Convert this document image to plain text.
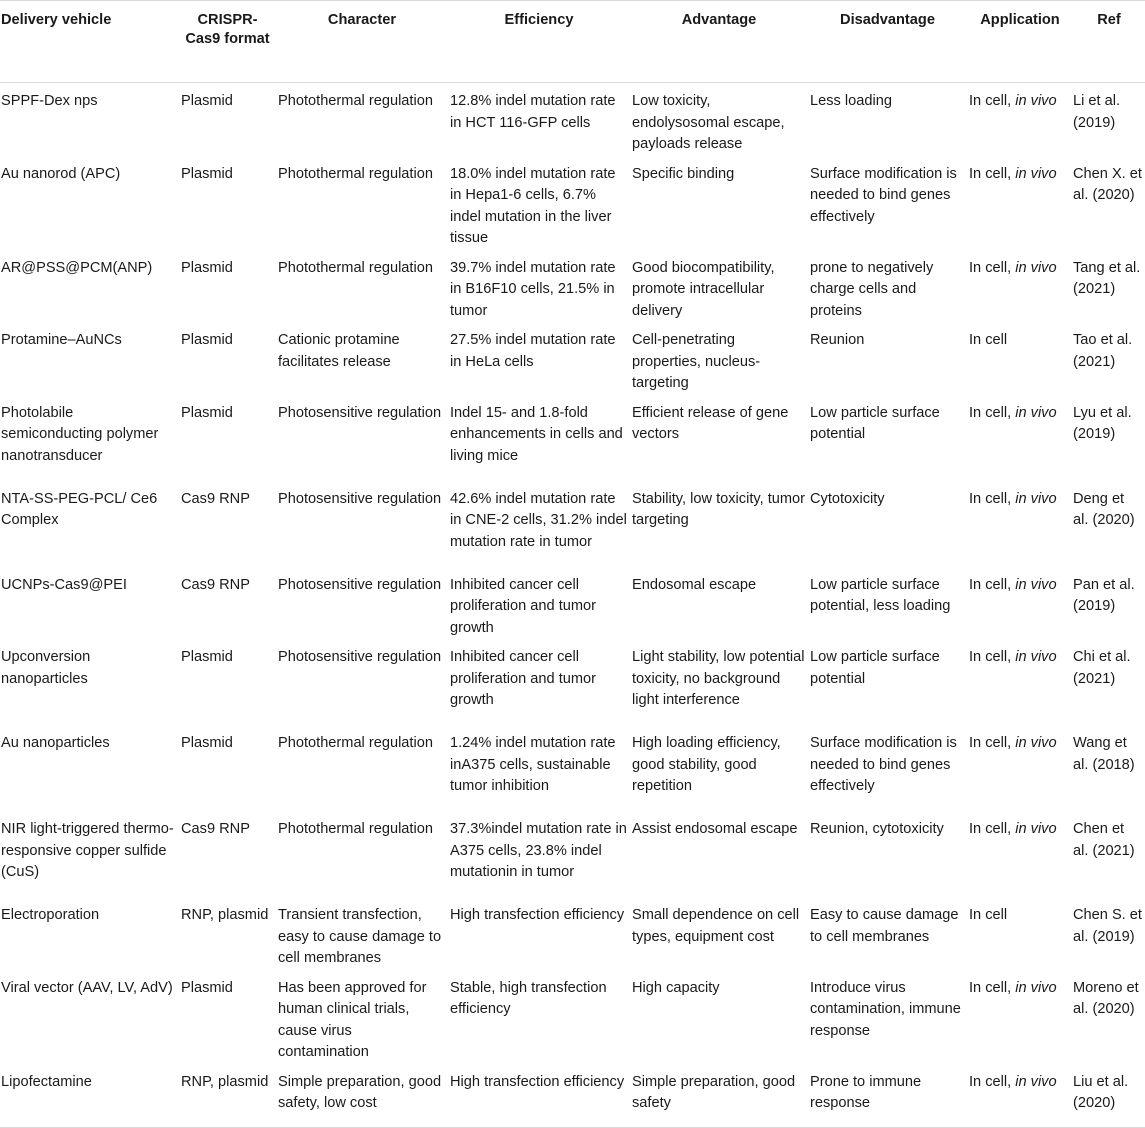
Delivery vehicle	CRISPR-Cas9 format	Character	Efficiency	Advantage	Disadvantage	Application	Ref
SPPF-Dex nps	Plasmid	Photothermal regulation	12.8% indel mutation rate in HCT 116-GFP cells	Low toxicity, endolysosomal escape, payloads release	Less loading	In cell, in vivo	Li et al. (2019)
Au nanorod (APC)	Plasmid	Photothermal regulation	18.0% indel mutation rate in Hepa1-6 cells, 6.7% indel mutation in the liver tissue	Specific binding	Surface modification is needed to bind genes effectively	In cell, in vivo	Chen X. et al. (2020)
AR@PSS@PCM(ANP)	Plasmid	Photothermal regulation	39.7% indel mutation rate in B16F10 cells, 21.5% in tumor	Good biocompatibility, promote intracellular delivery	prone to negatively charge cells and proteins	In cell, in vivo	Tang et al. (2021)
Protamine–AuNCs	Plasmid	Cationic protamine facilitates release	27.5% indel mutation rate in HeLa cells	Cell-penetrating properties, nucleus-targeting	Reunion	In cell	Tao et al. (2021)
Photolabile semiconducting polymer nanotransducer	Plasmid	Photosensitive regulation	Indel 15- and 1.8-fold enhancements in cells and living mice	Efficient release of gene vectors	Low particle surface potential	In cell, in vivo	Lyu et al. (2019)
NTA-SS-PEG-PCL/ Ce6 Complex	Cas9 RNP	Photosensitive regulation	42.6% indel mutation rate in CNE-2 cells, 31.2% indel mutation rate in tumor	Stability, low toxicity, tumor targeting	Cytotoxicity	In cell, in vivo	Deng et al. (2020)
UCNPs-Cas9@PEI	Cas9 RNP	Photosensitive regulation	Inhibited cancer cell proliferation and tumor growth	Endosomal escape	Low particle surface potential, less loading	In cell, in vivo	Pan et al. (2019)
Upconversion nanoparticles	Plasmid	Photosensitive regulation	Inhibited cancer cell proliferation and tumor growth	Light stability, low potential toxicity, no background light interference	Low particle surface potential	In cell, in vivo	Chi et al. (2021)
Au nanoparticles	Plasmid	Photothermal regulation	1.24% indel mutation rate inA375 cells, sustainable tumor inhibition	High loading efficiency, good stability, good repetition	Surface modification is needed to bind genes effectively	In cell, in vivo	Wang et al. (2018)
NIR light-triggered thermo-responsive copper sulfide (CuS)	Cas9 RNP	Photothermal regulation	37.3%indel mutation rate in A375 cells, 23.8% indel mutationin in tumor	Assist endosomal escape	Reunion, cytotoxicity	In cell, in vivo	Chen et al. (2021)
Electroporation	RNP, plasmid	Transient transfection, easy to cause damage to cell membranes	High transfection efficiency	Small dependence on cell types, equipment cost	Easy to cause damage to cell membranes	In cell	Chen S. et al. (2019)
Viral vector (AAV, LV, AdV)	Plasmid	Has been approved for human clinical trials, cause virus contamination	Stable, high transfection efficiency	High capacity	Introduce virus contamination, immune response	In cell, in vivo	Moreno et al. (2020)
Lipofectamine	RNP, plasmid	Simple preparation, good safety, low cost	High transfection efficiency	Simple preparation, good safety	Prone to immune response	In cell, in vivo	Liu et al. (2020)
